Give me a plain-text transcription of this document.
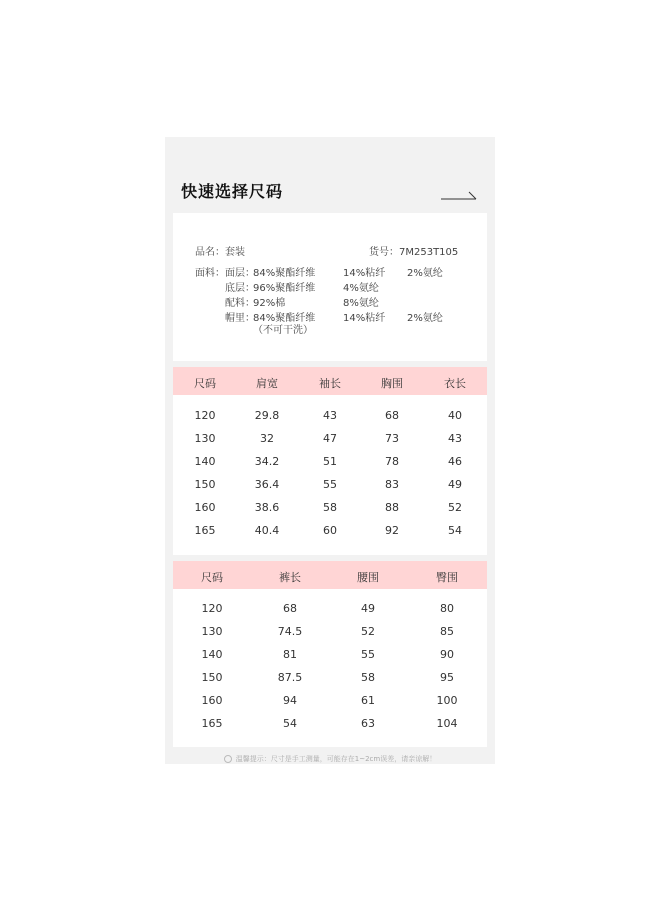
快速选择尺码
品名：套装	货号：7M253T105
面料： 面层：
84%聚酯纤维	14%粘纤 2%氨纶
底层：
96%聚酯纤维	4%氨纶
配料：
92%棉	8%氨纶
帽里：
84%聚酯纤维	14%粘纤 2%氨纶
（不可干洗）
尺码	肩宽	袖长	胸围	衣长
120	29.8	43	68	40
130	32	47	73	43
140	34.2	51	78	46
150	36.4	55	83	49
160	38.6	58	88	52
165	40.4	60	92	54
尺码	裤长	腰围	臀围
120	68	49	80
130	74.5	52	85
140	81	55	90
150	87.5	58	95
160	94	61	100
165	54	63	104
温馨提示：尺寸是手工测量，可能存在1~2cm误差，请亲谅解！
